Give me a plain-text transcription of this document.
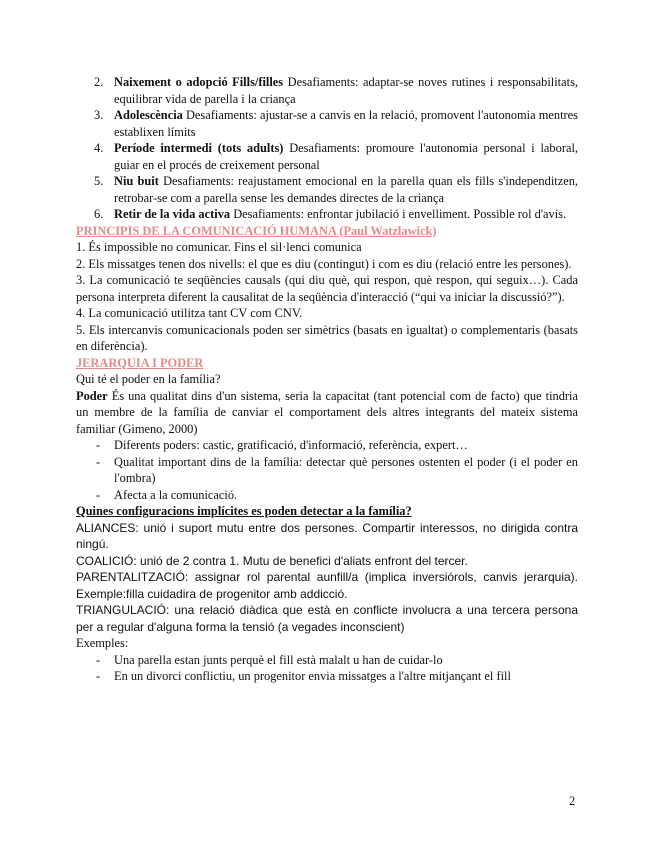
2. Naixement o adopció Fills/filles Desafiaments: adaptar-se noves rutines i responsabilitats, equilibrar vida de parella i la criança
3. Adolescència Desafiaments: ajustar-se a canvis en la relació, promovent l'autonomia mentres establixen límits
4. Període intermedi (tots adults) Desafiaments: promoure l'autonomia personal i laboral, guiar en el procés de creixement personal
5. Niu buit Desafiaments: reajustament emocional en la parella quan els fills s'independitzen, retrobar-se com a parella sense les demandes directes de la criança
6. Retir de la vida activa Desafiaments: enfrontar jubilació i envelliment. Possible rol d'avis.

PRINCIPIS DE LA COMUNICACIÓ HUMANA (Paul Watzlawick)

1. És impossible no comunicar. Fins el sil·lenci comunica

2. Els missatges tenen dos nivells: el que es diu (contingut) i com es diu (relació entre les persones).

3. La comunicació te seqüències causals (qui diu què, qui respon, què respon, qui seguix…). Cada persona interpreta diferent la causalitat de la seqüència d'interacció (“qui va iniciar la discussió?”).

4. La comunicació utilitza tant CV com CNV.

5. Els intercanvis comunicacionals poden ser simètrics (basats en igualtat) o complementaris (basats en diferència).

JERARQUIA I PODER

Qui té el poder en la família?

Poder És una qualitat dins d'un sistema, seria la capacitat (tant potencial com de facto) que tindria un membre de la família de canviar el comportament dels altres integrants del mateix sistema familiar (Gimeno, 2000)

-	Diferents poders: castic, gratificació, d'informació, referència, expert…
-	Qualitat important dins de la família: detectar què persones ostenten el poder (i el poder en l'ombra)
-	Afecta a la comunicació.

Quines configuracions implícites es poden detectar a la família?

ALIANCES: unió i suport mutu entre dos persones. Compartir interessos, no dirigida contra ningú.

COALICIÓ: unió de 2 contra 1. Mutu de benefici d'aliats enfront del tercer.

PARENTALITZACIÓ: assignar rol parental aunfill/a (implica inversiórols, canvis jerarquia). Exemple:filla cuidadira de progenitor amb addicció.

TRIANGULACIÓ: una relació diàdica que està en conflicte involucra a una tercera persona per a regular d'alguna forma la tensió (a vegades inconscient)

Exemples:

-	Una parella estan junts perquè el fill està malalt u han de cuidar-lo
-	En un divorci conflictiu, un progenitor envia missatges a l'altre mitjançant el fill
2
